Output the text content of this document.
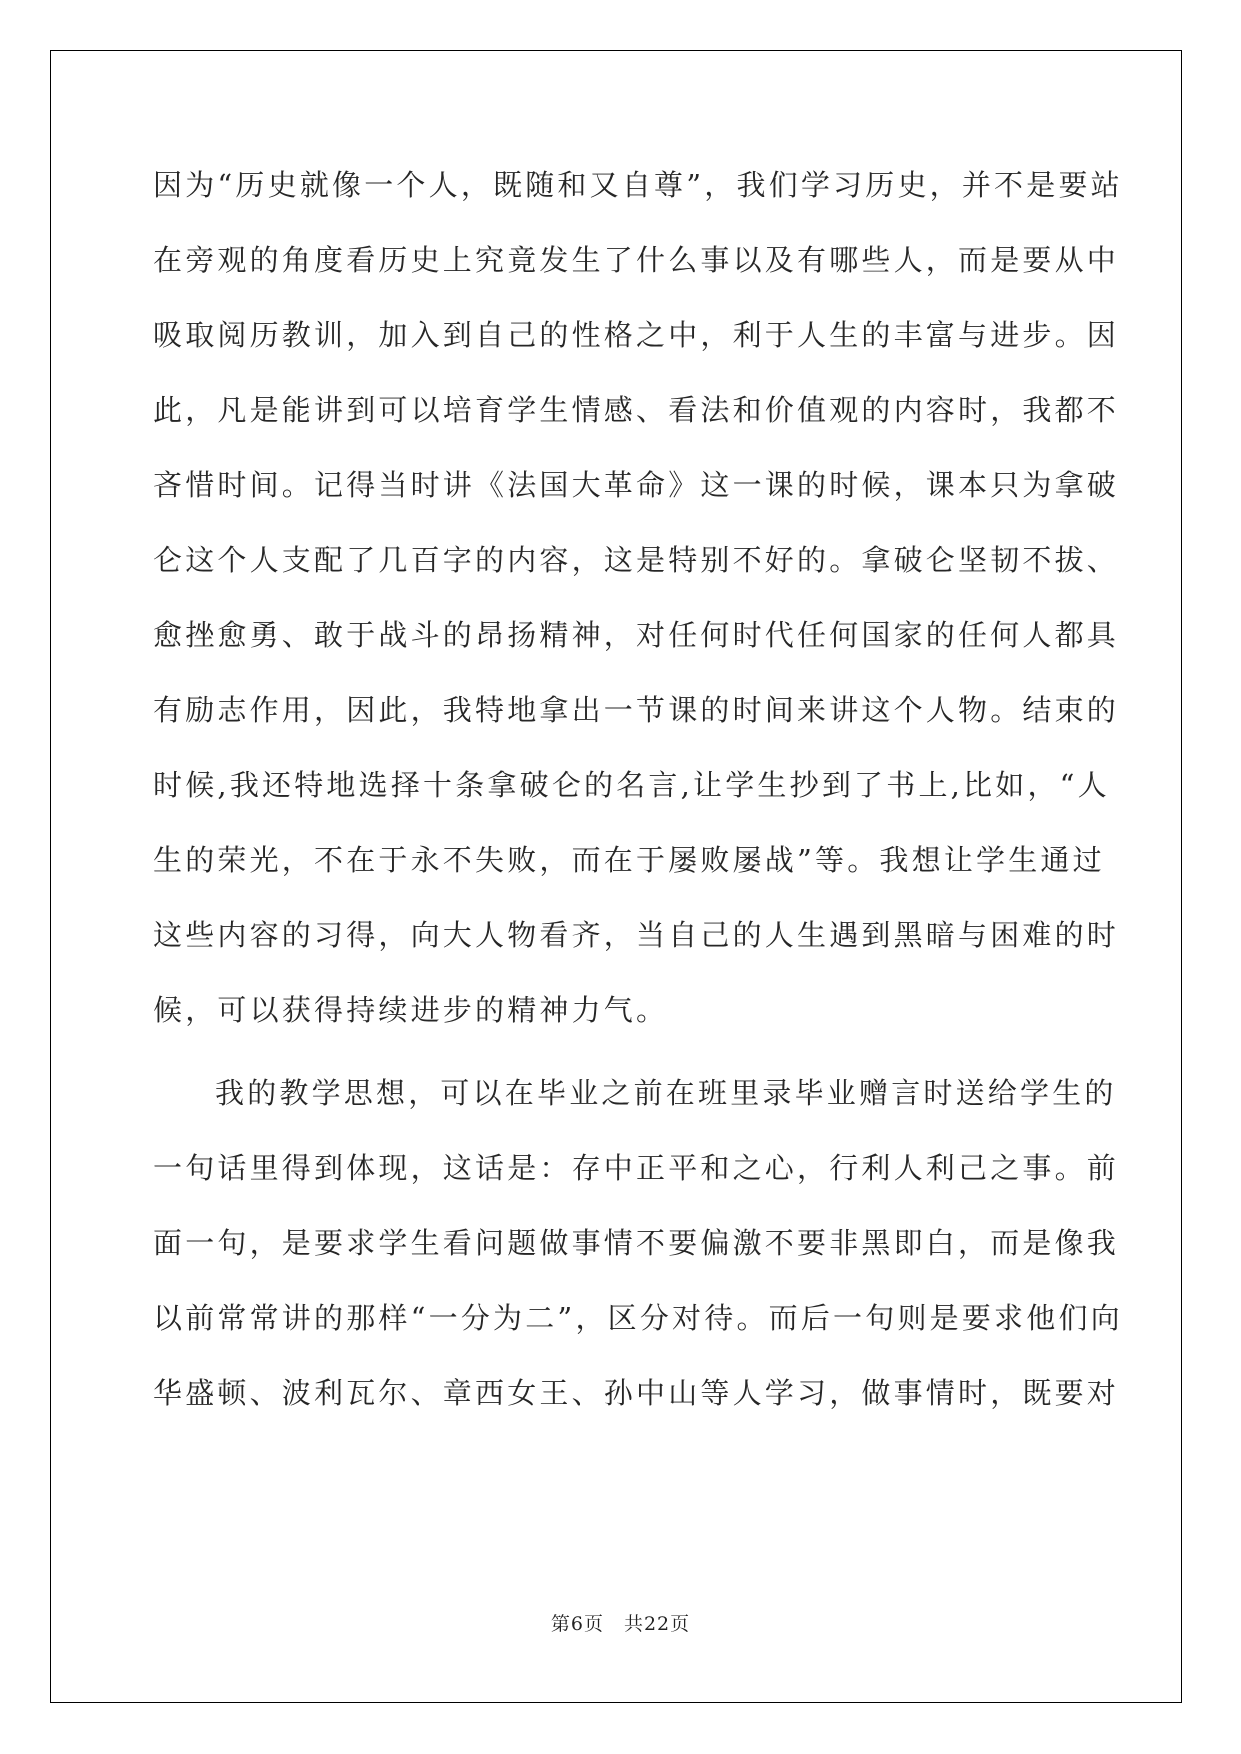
因为“历史就像一个人，既随和又自尊”，我们学习历史，并不是要站
在旁观的角度看历史上究竟发生了什么事以及有哪些人，而是要从中
吸取阅历教训，加入到自己的性格之中，利于人生的丰富与进步。因
此，凡是能讲到可以培育学生情感、看法和价值观的内容时，我都不
吝惜时间。记得当时讲《法国大革命》这一课的时候，课本只为拿破
仑这个人支配了几百字的内容，这是特别不好的。拿破仑坚韧不拔、
愈挫愈勇、敢于战斗的昂扬精神，对任何时代任何国家的任何人都具
有励志作用，因此，我特地拿出一节课的时间来讲这个人物。结束的
时候,我还特地选择十条拿破仑的名言,让学生抄到了书上,比如，“人
生的荣光，不在于永不失败，而在于屡败屡战”等。我想让学生通过
这些内容的习得，向大人物看齐，当自己的人生遇到黑暗与困难的时
候，可以获得持续进步的精神力气。
我的教学思想，可以在毕业之前在班里录毕业赠言时送给学生的
一句话里得到体现，这话是：存中正平和之心，行利人利己之事。前
面一句，是要求学生看问题做事情不要偏激不要非黑即白，而是像我
以前常常讲的那样“一分为二”，区分对待。而后一句则是要求他们向
华盛顿、波利瓦尔、章西女王、孙中山等人学习，做事情时，既要对
第6页　共22页
